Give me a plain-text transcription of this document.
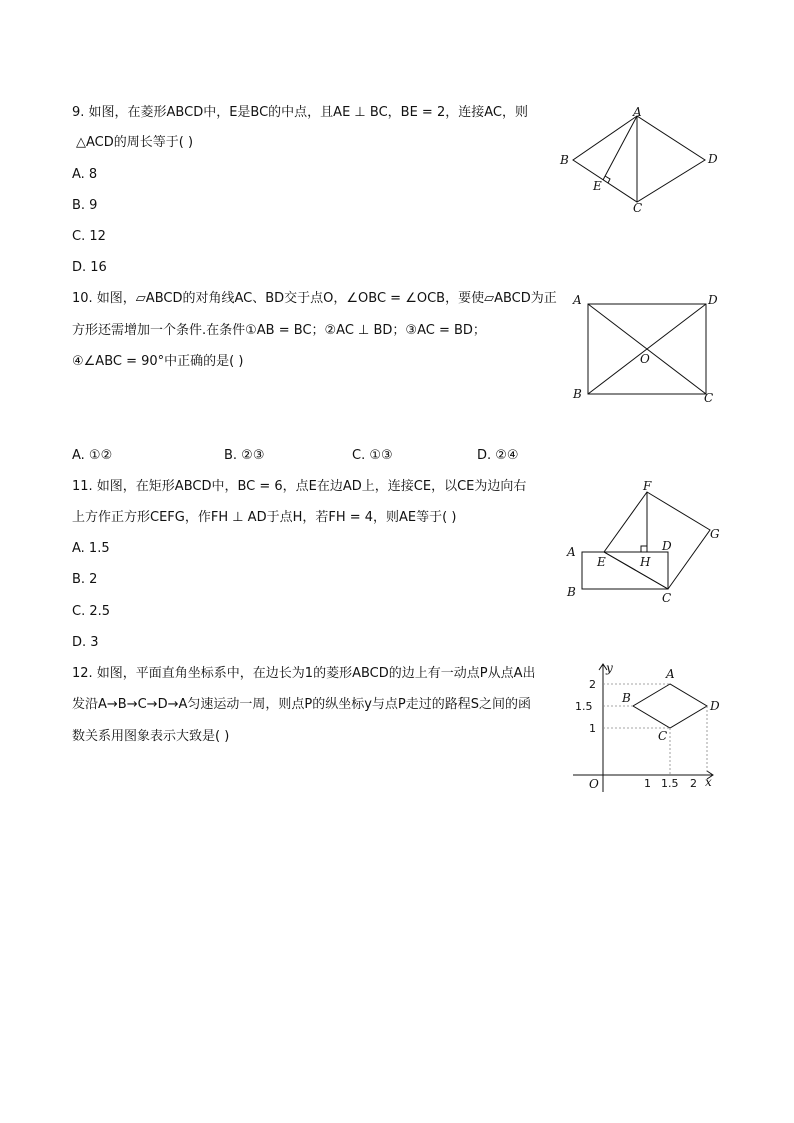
9. 如图，在菱形ABCD中，E是BC的中点，且AE ⊥ BC，BE = 2，连接AC，则
△ACD的周长等于( )
A. 8
B. 9
C. 12
D. 16
A
B
C
D
E
10. 如图，▱ABCD的对角线AC、BD交于点O，∠OBC = ∠OCB，要使▱ABCD为正
方形还需增加一个条件.在条件①AB = BC；②AC ⊥ BD；③AC = BD；
④∠ABC = 90°中正确的是( )
A. ①②	B. ②③	C. ①③	D. ②④
A	D
B	C
O
11. 如图，在矩形ABCD中，BC = 6，点E在边AD上，连接CE，以CE为边向右
上方作正方形CEFG，作FH ⊥ AD于点H，若FH = 4，则AE等于( )
A. 1.5
B. 2
C. 2.5
D. 3
F
G
A	D
E	H
B	C
12. 如图，平面直角坐标系中，在边长为1的菱形ABCD的边上有一动点P从点A出
发沿A→B→C→D→A匀速运动一周，则点P的纵坐标y与点P走过的路程S之间的函
数关系用图象表示大致是( )
y
x
O
A
B
C
D
2
1.5
1
1 1.5 2
